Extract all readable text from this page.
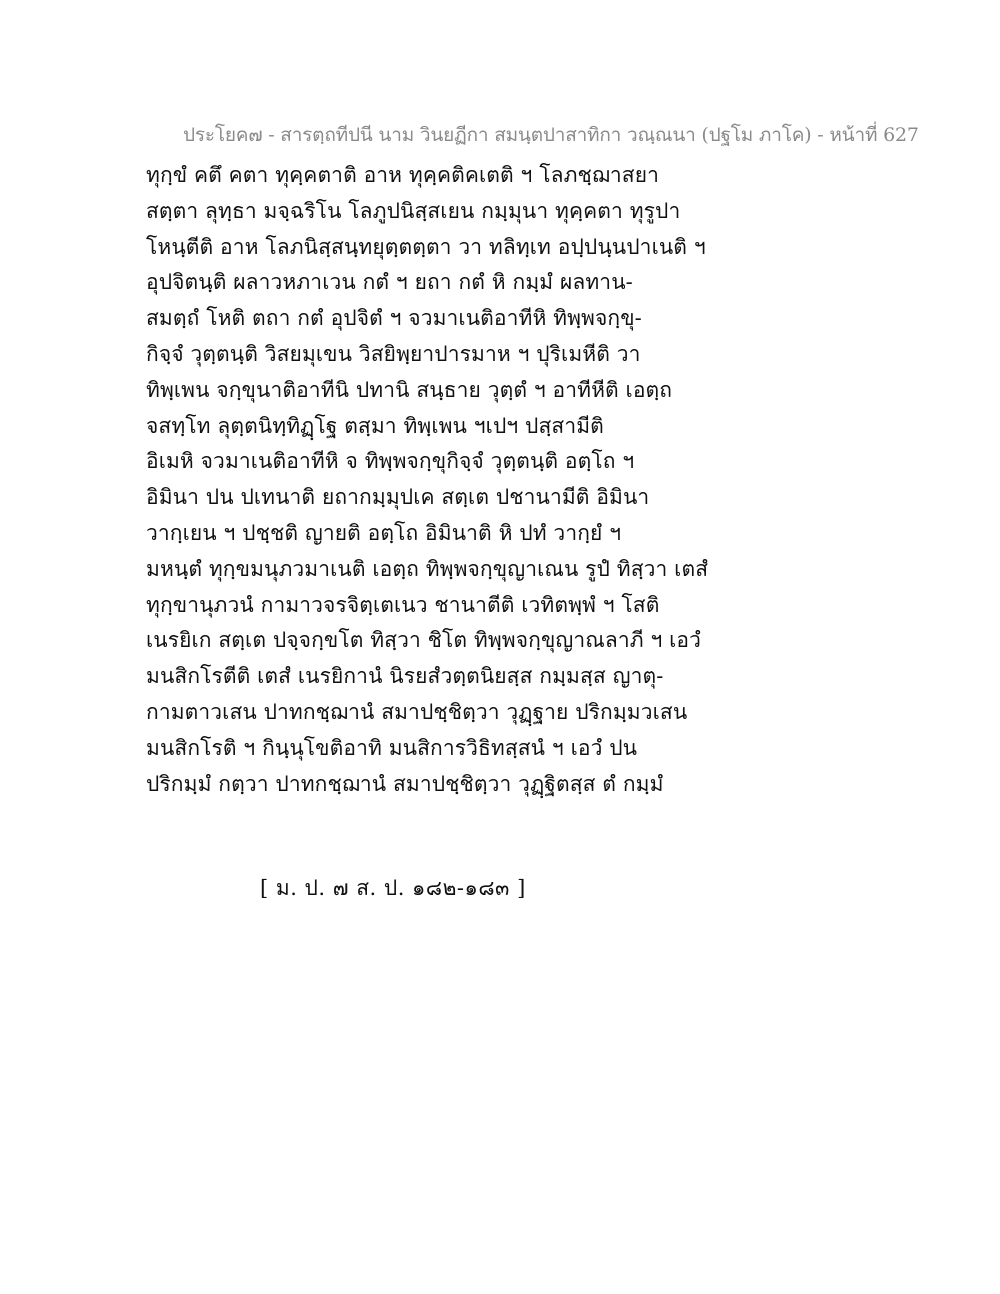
ประโยค๗ - สารตฺถทีปนี นาม วินยฏีกา สมนฺตปาสาทิกา วณฺณนา (ปฐโม ภาโค) - หน้าที่ 627
ทุกฺขํ คตึ คตา ทุคฺคตาติ อาห ทุคฺคติคเตติ ฯ โลภชฺฌาสยา
สตฺตา ลุทฺธา มจฺฉริโน โลภูปนิสฺสเยน กมฺมุนา ทุคฺคตา ทุรูปา
โหนฺตีติ อาห โลภนิสฺสนฺทยุตฺตตฺตา วา ทลิทฺเท อปฺปนฺนปาเนติ ฯ
อุปจิตนฺติ ผลาวหภาเวน กตํ ฯ ยถา กตํ หิ กมฺมํ ผลทาน-
สมตฺถํ โหติ ตถา กตํ อุปจิตํ ฯ จวมาเนติอาทีหิ ทิพฺพจกฺขุ-
กิจฺจํ วุตฺตนฺติ วิสยมุเขน วิสยิพฺยาปารมาห ฯ ปุริเมหีติ วา
ทิพฺเพน จกฺขุนาติอาทีนิ ปทานิ สนฺธาย วุตฺตํ ฯ อาทีหีติ เอตฺถ
จสทฺโท ลุตฺตนิทฺทิฏฺโฐ ตสฺมา ทิพฺเพน ฯเปฯ ปสฺสามีติ
อิเมหิ จวมาเนติอาทีหิ จ ทิพฺพจกฺขุกิจฺจํ วุตฺตนฺติ อตฺโถ ฯ
อิมินา ปน ปเทนาติ ยถากมฺมุปเค สตฺเต ปชานามีติ อิมินา
วากฺเยน ฯ ปชฺชติ ญายติ อตฺโถ อิมินาติ หิ ปทํ วากฺยํ ฯ
มหนฺตํ ทุกฺขมนุภวมาเนติ เอตฺถ ทิพฺพจกฺขุญาเณน รูปํ ทิสฺวา เตสํ
ทุกฺขานุภวนํ กามาวจรจิตฺเตเนว ชานาตีติ เวทิตพฺพํ ฯ โสติ
เนรยิเก สตฺเต ปจฺจกฺขโต ทิสฺวา ชิโต ทิพฺพจกฺขุญาณลาภี ฯ เอวํ
มนสิกโรตีติ เตสํ เนรยิกานํ นิรยสํวตฺตนิยสฺส กมฺมสฺส ญาตุ-
กามตาวเสน ปาทกชฺฌานํ สมาปชฺชิตฺวา วุฏฺฐาย ปริกมฺมวเสน
มนสิกโรติ ฯ กินฺนุโขติอาทิ มนสิการวิธิทสฺสนํ ฯ เอวํ ปน
ปริกมฺมํ กตฺวา ปาทกชฺฌานํ สมาปชฺชิตฺวา วุฏฺฐิตสฺส ตํ กมฺมํ
[ ม. ป. ๗ ส. ป. ๑๘๒-๑๘๓ ]
